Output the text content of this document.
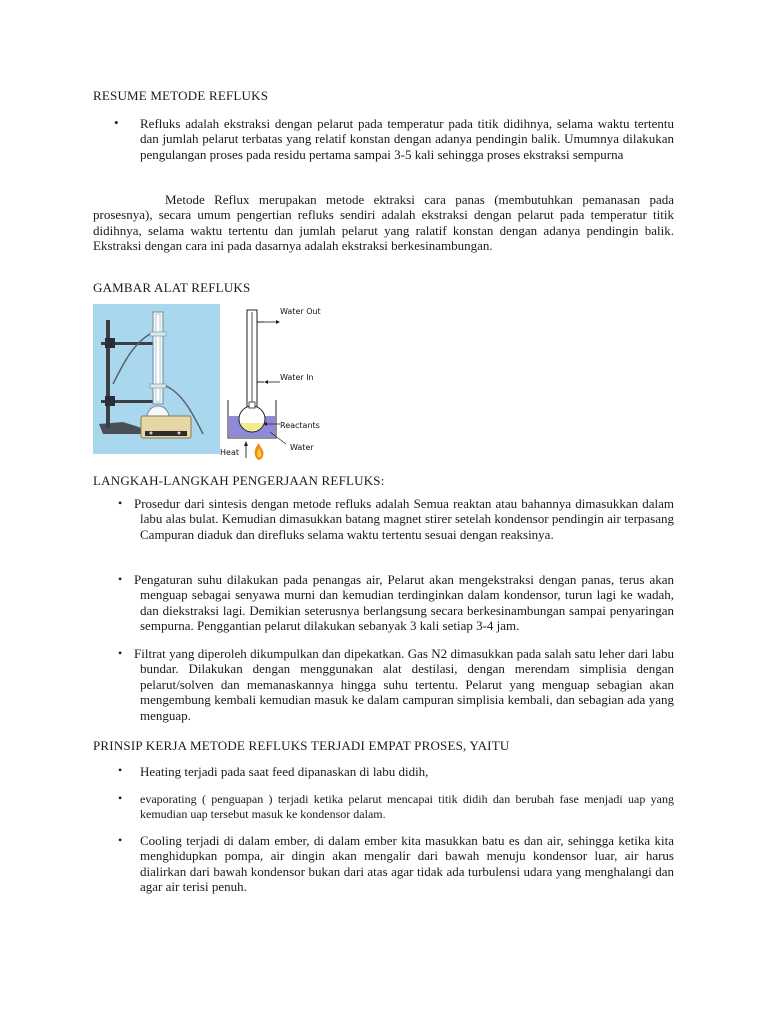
RESUME METODE REFLUKS
• Refluks adalah ekstraksi dengan pelarut pada temperatur pada titik didihnya, selama waktu tertentu dan jumlah pelarut terbatas yang relatif konstan dengan adanya pendingin balik. Umumnya dilakukan pengulangan proses pada residu pertama sampai 3-5 kali sehingga proses ekstraksi sempurna
Metode Reflux merupakan metode ektraksi cara panas (membutuhkan pemanasan pada prosesnya), secara umum pengertian refluks sendiri adalah ekstraksi dengan pelarut pada temperatur titik didihnya, selama waktu tertentu dan jumlah pelarut yang ralatif konstan dengan adanya pendingin balik. Ekstraksi dengan cara ini pada dasarnya adalah ekstraksi berkesinambungan.
GAMBAR ALAT REFLUKS
Water Out
Water In
Reactants
Water
Heat
LANGKAH-LANGKAH PENGERJAAN REFLUKS:
• Prosedur dari sintesis dengan metode refluks adalah Semua reaktan atau bahannya dimasukkan dalam labu alas bulat. Kemudian dimasukkan batang magnet stirer setelah kondensor pendingin air terpasang Campuran diaduk dan direfluks selama waktu tertentu sesuai dengan reaksinya.
• Pengaturan suhu dilakukan pada penangas air, Pelarut akan mengekstraksi dengan panas, terus akan menguap sebagai senyawa murni dan kemudian terdinginkan dalam kondensor, turun lagi ke wadah, dan diekstraksi lagi. Demikian seterusnya berlangsung secara berkesinambungan sampai penyaringan sempurna. Penggantian pelarut dilakukan sebanyak 3 kali setiap 3-4 jam.
• Filtrat yang diperoleh dikumpulkan dan dipekatkan. Gas N2 dimasukkan pada salah satu leher dari labu bundar. Dilakukan dengan menggunakan alat destilasi, dengan merendam simplisia dengan pelarut/solven dan memanaskannya hingga suhu tertentu. Pelarut yang menguap sebagian akan mengembung kembali kemudian masuk ke dalam campuran simplisia kembali, dan sebagian ada yang menguap.
PRINSIP KERJA METODE REFLUKS TERJADI EMPAT PROSES, YAITU
• Heating terjadi pada saat feed dipanaskan di labu didih,
• evaporating ( penguapan ) terjadi ketika pelarut mencapai titik didih dan berubah fase menjadi uap yang kemudian uap tersebut masuk ke kondensor dalam.
• Cooling terjadi di dalam ember, di dalam ember kita masukkan batu es dan air, sehingga ketika kita menghidupkan pompa, air dingin akan mengalir dari bawah menuju kondensor luar, air harus dialirkan dari bawah kondensor bukan dari atas agar tidak ada turbulensi udara yang menghalangi dan agar air terisi penuh.
